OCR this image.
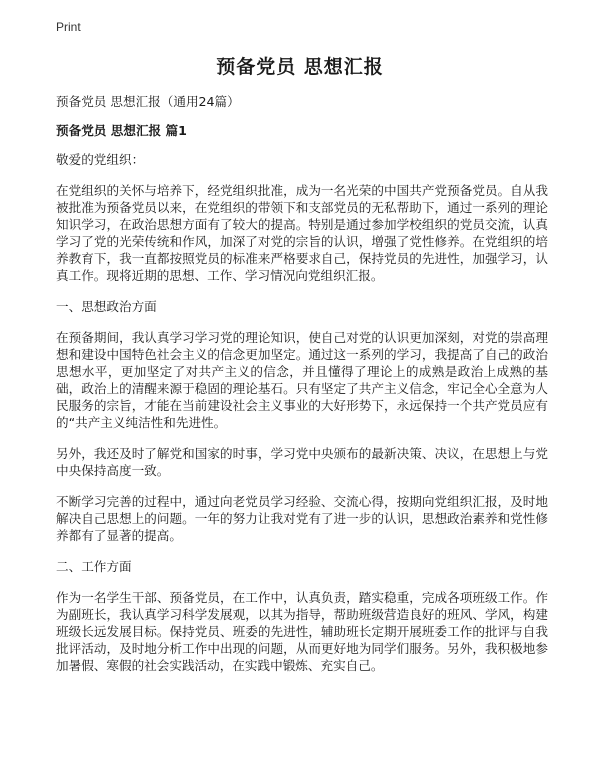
Print
预备党员 思想汇报

预备党员 思想汇报（通用24篇）

预备党员 思想汇报 篇1

敬爱的党组织：

在党组织的关怀与培养下，经党组织批准，成为一名光荣的中国共产党预备党员。自从我被批准为预备党员以来，在党组织的带领下和支部党员的无私帮助下，通过一系列的理论知识学习，在政治思想方面有了较大的提高。特别是通过参加学校组织的党员交流，认真学习了党的光荣传统和作风，加深了对党的宗旨的认识，增强了党性修养。在党组织的培养教育下，我一直都按照党员的标准来严格要求自己，保持党员的先进性，加强学习，认真工作。现将近期的思想、工作、学习情况向党组织汇报。

一、思想政治方面

在预备期间，我认真学习学习党的理论知识，使自己对党的认识更加深刻，对党的崇高理想和建设中国特色社会主义的信念更加坚定。通过这一系列的学习，我提高了自己的政治思想水平，更加坚定了对共产主义的信念，并且懂得了理论上的成熟是政治上成熟的基础，政治上的清醒来源于稳固的理论基石。只有坚定了共产主义信念，牢记全心全意为人民服务的宗旨，才能在当前建设社会主义事业的大好形势下，永远保持一个共产党员应有的“共产主义纯洁性和先进性。

另外，我还及时了解党和国家的时事，学习党中央颁布的最新决策、决议，在思想上与党中央保持高度一致。

不断学习完善的过程中，通过向老党员学习经验、交流心得，按期向党组织汇报，及时地解决自己思想上的问题。一年的努力让我对党有了进一步的认识，思想政治素养和党性修养都有了显著的提高。

二、工作方面

作为一名学生干部、预备党员，在工作中，认真负责，踏实稳重，完成各项班级工作。作为副班长，我认真学习科学发展观，以其为指导，帮助班级营造良好的班风、学风，构建班级长远发展目标。保持党员、班委的先进性，辅助班长定期开展班委工作的批评与自我批评活动，及时地分析工作中出现的问题，从而更好地为同学们服务。另外，我积极地参加暑假、寒假的社会实践活动，在实践中锻炼、充实自己。
